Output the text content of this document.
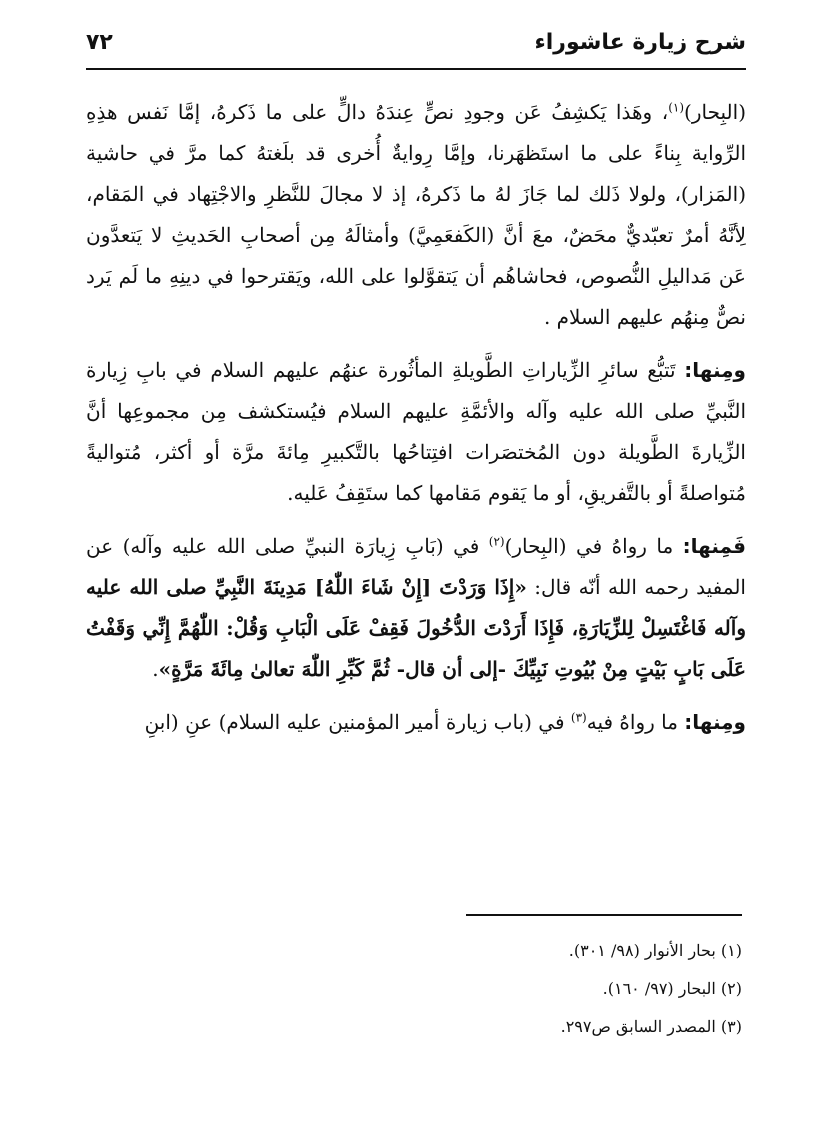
شرح زيارة عاشوراء
٧٢

(البِحار)$^{(١)}$، وهَذا يَكشِفُ عَن وجودِ نصٍّ عِندَهُ دالٍّ على ما ذَكرهُ، إمَّا نَفس هذِهِ الرِّواية بِناءً على ما استَظهَرنا، وإمَّا رِوايةٌ أُخرى قد بلَغتهُ كما مرَّ في حاشية (المَزار)، ولولا ذَلك لما جَازَ لهُ ما ذَكرهُ، إذ لا مجالَ للنَّظرِ والاجْتِهاد في المَقام، لِأنَّهُ أمرٌ تعبّديٌّ محَضٌ، معَ أنَّ (الكَفعَمِيَّ) وأمثالَهُ مِن أصحابِ الحَديثِ لا يَتعدَّون عَن مَداليلِ النُّصوص، فحاشاهُم أن يَتقوَّلوا على الله، ويَقترحوا في دينِهِ ما لَم يَرد نصٌّ مِنهُم عليهم السلام .

ومِنها: تَتبُّع سائرِ الزِّياراتِ الطَّويلةِ المأثُورة عنهُم عليهم السلام في بابِ زِيارة النَّبيِّ صلى الله عليه وآله والأئمَّةِ عليهم السلام فيُستكشف مِن مجموعِها أنَّ الزِّيارةَ الطَّويلة دون المُختصَرات افتِتاحُها بالتَّكبيرِ مِائةَ مرَّة أو أكثر، مُتواليةً مُتواصلةً أو بالتَّفريقِ، أو ما يَقوم مَقامها كما ستَقِفُ عَليه.

فَمِنها: ما رواهُ في (البِحار)$^{(٢)}$ في (بَابِ زِيارَة النبيِّ صلى الله عليه وآله) عن المفيد رحمه الله أنّه قال: «إِذَا وَرَدْتَ [إِنْ شَاءَ اللّٰهُ] مَدِينَةَ النَّبِيِّ صلى الله عليه وآله فَاغْتَسِلْ لِلزِّيَارَةِ، فَإِذَا أَرَدْتَ الدُّخُولَ فَقِفْ عَلَى الْبَابِ وَقُلْ: اللّٰهُمَّ إِنِّي وَقَفْتُ عَلَى بَابٍ بَيْتٍ مِنْ بُيُوتِ نَبِيِّكَ -إلى أن قال- ثُمَّ كَبِّرِ اللّٰهَ تعالىٰ مِائَةَ مَرَّةٍ».

ومِنها: ما رواهُ فيه$^{(٣)}$ في (باب زيارة أمير المؤمنين عليه السلام) عنِ (ابنِ

(١) بحار الأنوار (٩٨/ ٣٠١).

(٢) البحار (٩٧/ ١٦٠).

(٣) المصدر السابق ص٢٩٧.
